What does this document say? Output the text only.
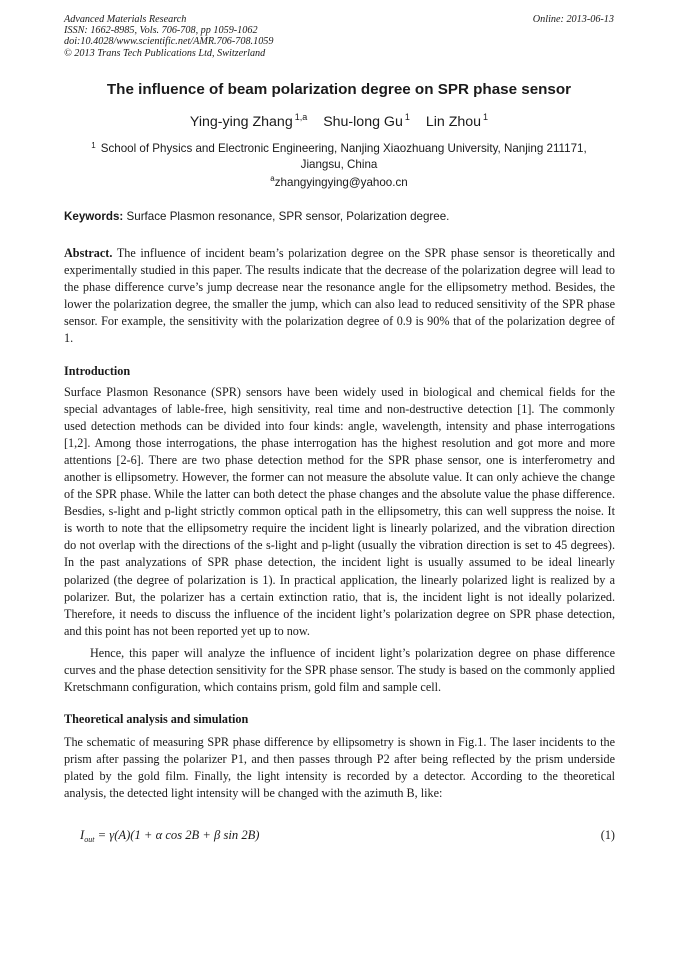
Advanced Materials Research
ISSN: 1662-8985, Vols. 706-708, pp 1059-1062
doi:10.4028/www.scientific.net/AMR.706-708.1059
© 2013 Trans Tech Publications Ltd, Switzerland
Online: 2013-06-13
The influence of beam polarization degree on SPR phase sensor
Ying-ying Zhang $^{1,a}$ Shu-long Gu $^1$ Lin Zhou $^1$
$^1$ School of Physics and Electronic Engineering, Nanjing Xiaozhuang University, Nanjing 211171, Jiangsu, China
$^a$zhangyingying@yahoo.cn
Keywords: Surface Plasmon resonance, SPR sensor, Polarization degree.
Abstract. The influence of incident beam’s polarization degree on the SPR phase sensor is theoretically and experimentally studied in this paper. The results indicate that the decrease of the polarization degree will lead to the phase difference curve’s jump decrease near the resonance angle for the ellipsometry method. Besides, the lower the polarization degree, the smaller the jump, which can also lead to reduced sensitivity of the SPR phase sensor. For example, the sensitivity with the polarization degree of 0.9 is 90% that of the polarization degree of 1.
Introduction
Surface Plasmon Resonance (SPR) sensors have been widely used in biological and chemical fields for the special advantages of lable-free, high sensitivity, real time and non-destructive detection [1]. The commonly used detection methods can be divided into four kinds: angle, wavelength, intensity and phase interrogations [1,2]. Among those interrogations, the phase interrogation has the highest resolution and got more and more attentions [2-6]. There are two phase detection method for the SPR phase sensor, one is interferometry and another is ellipsometry. However, the former can not measure the absolute value. It can only achieve the change of the SPR phase. While the latter can both detect the phase changes and the absolute value the phase difference. Besdies, s-light and p-light strictly common optical path in the ellipsometry, this can well suppress the noise. It is worth to note that the ellipsometry require the incident light is linearly polarized, and the vibration direction do not overlap with the directions of the s-light and p-light (usually the vibration direction is set to 45 degrees). In the past analyzations of SPR phase detection, the incident light is usually assumed to be ideal linearly polarized (the degree of polarization is 1). In practical application, the linearly polarized light is realized by a polarizer. But, the polarizer has a certain extinction ratio, that is, the incident light is not ideally polarized. Therefore, it needs to discuss the influence of the incident light’s polarization degree on SPR phase detection, and this point has not been reported yet up to now.
Hence, this paper will analyze the influence of incident light’s polarization degree on phase difference curves and the phase detection sensitivity for the SPR phase sensor. The study is based on the commonly applied Kretschmann configuration, which contains prism, gold film and sample cell.
Theoretical analysis and simulation
The schematic of measuring SPR phase difference by ellipsometry is shown in Fig.1. The laser incidents to the prism after passing the polarizer P1, and then passes through P2 after being reflected by the prism underside plated by the gold film. Finally, the light intensity is recorded by a detector. According to the theoretical analysis, the detected light intensity will be changed with the azimuth B, like:
$I_{out} = \gamma(A)(1 + \alpha$ cos 2B + β sin 2B)	(1)
